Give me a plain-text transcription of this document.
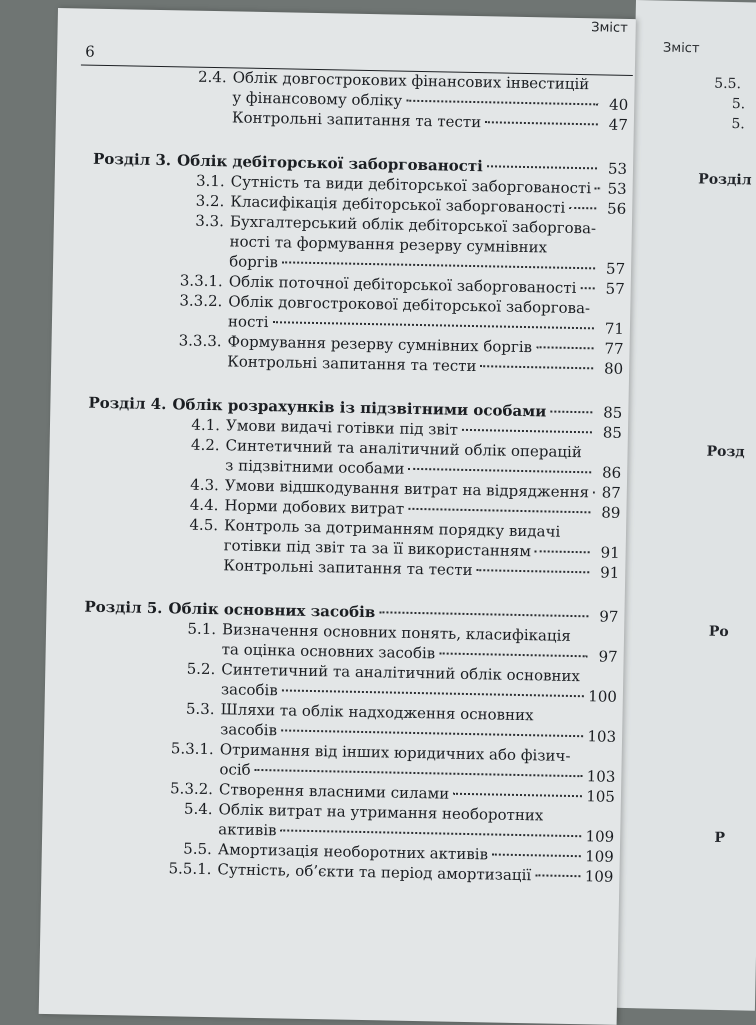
Зміст
5.5.
5.
5.
Розділ
Розд
Ро
Р
Зміст
6
2.4. Облік довгострокових фінансових інвестицій
у фінансовому обліку	40
Контрольні запитання та тести	47
Розділ 3. Облік дебіторської заборгованості	53
3.1. Сутність та види дебіторської заборгованості	53
3.2. Класифікація дебіторської заборгованості	56
3.3. Бухгалтерський облік дебіторської заборгова-
ності та формування резерву сумнівних
боргів	57
3.3.1. Облік поточної дебіторської заборгованості	57
3.3.2. Облік довгострокової дебіторської заборгова-
ності	71
3.3.3. Формування резерву сумнівних боргів	77
Контрольні запитання та тести	80
Розділ 4. Облік розрахунків із підзвітними особами	85
4.1. Умови видачі готівки під звіт	85
4.2. Синтетичний та аналітичний облік операцій
з підзвітними особами	86
4.3. Умови відшкодування витрат на відрядження 87
4.4. Норми добових витрат	89
4.5. Контроль за дотриманням порядку видачі
готівки під звіт та за її використанням	91
Контрольні запитання та тести	91
Розділ 5. Облік основних засобів	97
5.1. Визначення основних понять, класифікація
та оцінка основних засобів	97
5.2. Синтетичний та аналітичний облік основних
засобів	100
5.3. Шляхи та облік надходження основних
засобів	103
5.3.1. Отримання від інших юридичних або фізич-
осіб	103
5.3.2. Створення власними силами	105
5.4. Облік витрат на утримання необоротних
активів	109
5.5. Амортизація необоротних активів	109
5.5.1. Сутність, об’єкти та період амортизації	109
